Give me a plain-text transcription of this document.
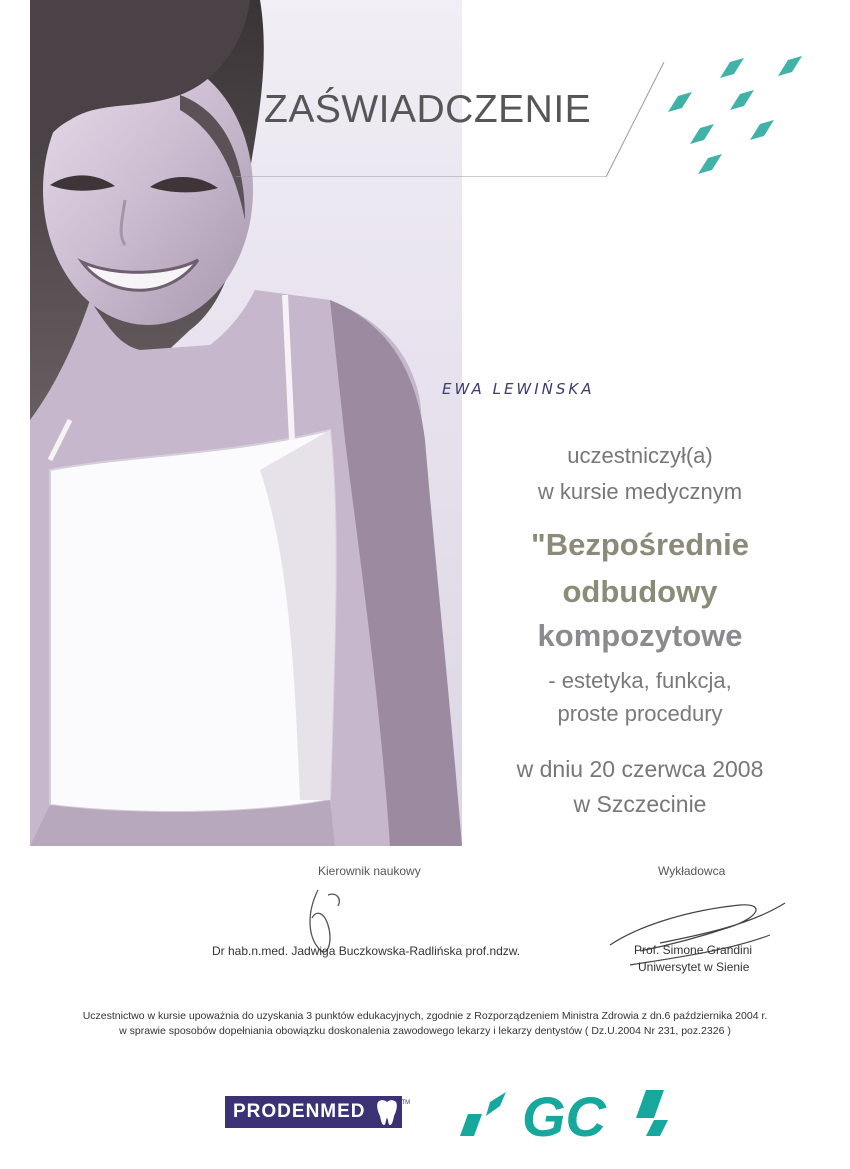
ZAŚWIADCZENIE
EWA LEWIŃSKA
uczestniczył(a)
w kursie medycznym
"Bezpośrednie
odbudowy
kompozytowe
- estetyka, funkcja,
proste procedury
w dniu 20 czerwca 2008
w Szczecinie
Kierownik naukowy
Dr hab.n.med. Jadwiga Buczkowska-Radlińska prof.ndzw.
Wykładowca
Prof. Simone Grandini
Uniwersytet w Sienie
Uczestnictwo w kursie upoważnia do uzyskania 3 punktów edukacyjnych, zgodnie z Rozporządzeniem Ministra Zdrowia z dn.6 października 2004 r.
w sprawie sposobów dopełniania obowiązku doskonalenia zawodowego lekarzy i lekarzy dentystów ( Dz.U.2004 Nr 231, poz.2326 )
PRODENMED	TM GC
